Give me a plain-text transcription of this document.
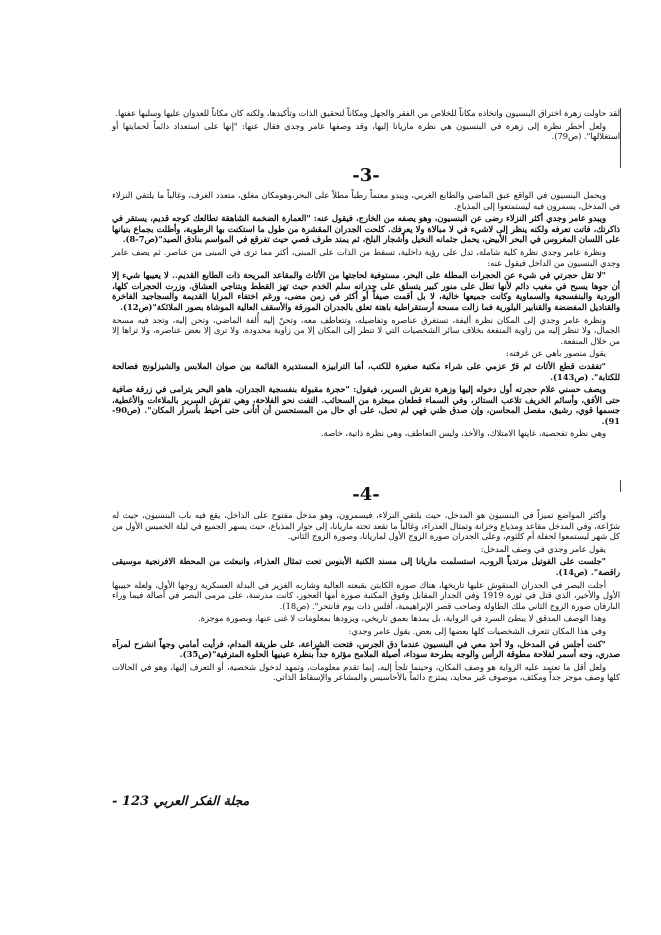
لقد حاولت زهرة اختراق البنسيون واتخاذه مكاناً للخلاص من الفقر والجهل ومكاناً لتحقيق الذات وتأكيدها، ولكنه كان مكاناً للعدوان عليها وسلبها عفتها.

ولعل أخطر نظرة إلى زهرة في البنسيون هي نظرة ماريانا إليها، وقد وصفها عامر وجدي فقال عنها: "إنها على استعداد دائماً لحمايتها أو استغلالها". (ص79).

-3-

ويحمل البنسيون في الواقع عبق الماضي والطابع الغربي، ويبدو معتماً رطباً مطلاً على البحر،وهومكان مغلق، متعدد الغرف، وغالباً ما يلتقي النزلاء في المدخل، يسمرون فيه ليستمتعوا إلى المذياع.

ويبدو عامر وجدي أكثر النزلاء رضى عن البنسيون، وهو يصفه من الخارج، فيقول عنه: "العمارة الضخمة الشاهقة تطالعك كوجه قديم، يستقر في ذاكرتك، فاتت تعرفه ولكنه ينظر إلى لاشيء في لا مبالاة ولا يعرفك. كلحت الجدران المقشرة من طول ما استكنت بها الرطوبة، وأطلت بجماع بنيانها على اللسان المغروس في البحر الأبيض، يحمل جثمانه النخيل وأشجار البلخ، ثم يمتد طرف قصي حيث تفرقع في المواسم بنادق الصيد"(ص7-8).

ونظرة عامر وجدي نظرة كلية شاملة، تدل على رؤية داخلية، تسقط من الذات على المبنى، أكثر مما ترى في المبنى من عناصر. ثم يصف عامر وجدي البنسيون من الداخل فيقول عنه:

"لا تقل حجرتي في شيء عن الحجرات المطلة على البحر، مستوفية لحاجتها من الأثاث والمقاعد المريحة ذات الطابع القديم.. لا يعيبها شيء إلا أن جوها يسبح في مغيب دائم لأنها تطل على منور كبير يتسلق على جدرانه سلم الخدم حيث تهز القطط وبتناجي العشاق. وزرت الحجرات كلها، الوردية والبنفسجية والسماوية وكانت جميعها خالية، لا بل أقمت صيفاً أو أكثر في زمن مضى، ورغم اختفاء المرايا القديمة والسجاجيد الفاخرة والقناديل المفضضة والقنابير البلورية فما زالت مسحة أرستقراطية باهتة تعلق بالجدران المورقة والأسقف العالية الموشاة بصور الملائكة"(ص12).

ونظرة عامر وجدي إلى المكان نظرة أليفة، تستغرق عناصره وتفاصيله، وتتعاطف معه، وتحنّ إليه أُلفة الماضي، وتحن إليه، وتجد فيه مسحة الجمال، ولا تنظر إليه من زاوية المنفعة بخلاف سائر الشخصيات التي لا تنظر إلى المكان إلا من زاوية محدودة، ولا ترى إلا بعض عناصره، ولا تراها إلا من خلال المنفعة.

يقول منصور باهي عن غرفته:

"تفقدت قطع الأثاث ثم قرّ عزمي على شراء مكتبة صغيرة للكتب، أما الترابيزة المستديرة القائمة بين صوان الملابس والشيزلونج فصالحة للكتابة". (ص143).

ويصف حسني علام حجرته أول دخوله إليها وزهرة تفرش السرير، فيقول: "حجرة مقبولة بنفسجية الجدران، هاهو البحر يترامى في زرقة صافية حتى الأفق، وأسائم الخريف تلاعب الستائر، وفي السماء قطعان مبعثرة من السحائب. التفت نحو الفلاحة، وهي تفرش السرير بالملاءات والأغطية، جسمها قوي، رشيق، مفصل المحاسن، وإن صدق ظني فهي لم تحبل، على أي حال من المستحسن أن أتأنى حتى أحيط بأسرار المكان". (ص90-91).

وهي نظرة تفحصية، غايتها الامتلاك، والأخذ، وليس التعاطف، وهي نظرة ذاتية، خاصة.

-4-

وأكثر المواضع تميزاً في البنسيون هو المدخل، حيث يلتقي النزلاء، فيسمرون، وهو مدخل مفتوح على الداخل، يقع فيه باب البنسيون، حيث له شرّاعة، وفي المدخل مقاعد ومذياع وخزانة وتمثال العذراء، وغالباً ما تقعد تحته ماريانا، إلى جوار المذياع، حيث يسهر الجميع في ليلة الخميس الأول من كل شهر ليستمعوا لحفلة أم كلثوم، وعلى الجدران صورة الزوج الأول لماريانا، وصورة الزوج الثاني.

يقول عامر وجدي في وصف المدخل:

"جلست على الفوتيل مرتدياً الروب، استسلمت ماريانا إلى مسند الكنبة الأبنوس تحت تمثال العذراء، وانبعثت من المحطة الافرنجية موسيقى راقصة". (ص14).

أجلت البصر في الجدران المنقوش عليها تاريخها، هناك صورة الكابتن بقبعته العالية وشاربه الغزير في البدلة العسكرية زوجها الأول، ولعله حبيبها الأول والأخير، الذي قتل في ثورة 1919 وفي الجدار المقابل وفوق المكتبة صورة أمها العجوز، كانت مدرسة، على مرمى البصر في أصالة فيما وراء البارفان صورة الزوج الثاني ملك الطاولة وصاحب قصر الإبراهيمية، أفلس ذات يوم فانتحر". (ص18).

وهذا الوصف المدقق لا يبطئ السرد في الرواية، بل يمدها بعمق تاريخي، ويزودها بمعلومات لا غنى عنها، وبصورة موجزة.

وفي هذا المكان تتعرف الشخصيات كلها بعضها إلى بعض. يقول عامر وجدي:

"كنت أجلس في المدخل، ولا أحد معي في البنسيون عندما دق الجرس، فتحت الشراعة، على طريقة المدام، فرأيت أمامي وجهاً انشرح لمرآه صدري، وجه أسمر لفلاحة مطوقة الرأس والوجه بطرحة سوداء، أصيلة الملامح مؤثرة جداً بنظرة عينيها الحلوة المترفية"(ص35).

ولعل أقل ما تعتمد عليه الرواية هو وصف المكان، وحينما تلجأ إليه، إنما تقدم معلومات، وتمهد لدخول شخصية، أو التعرف إليها، وهو في الحالات كلها وصف موجز جداً ومكثف، موصوف غير محايد، يمتزج دائماً بالأحاسيس والمشاعر والإسقاط الذاتي.

مجلة الفكر العربي 123 -
